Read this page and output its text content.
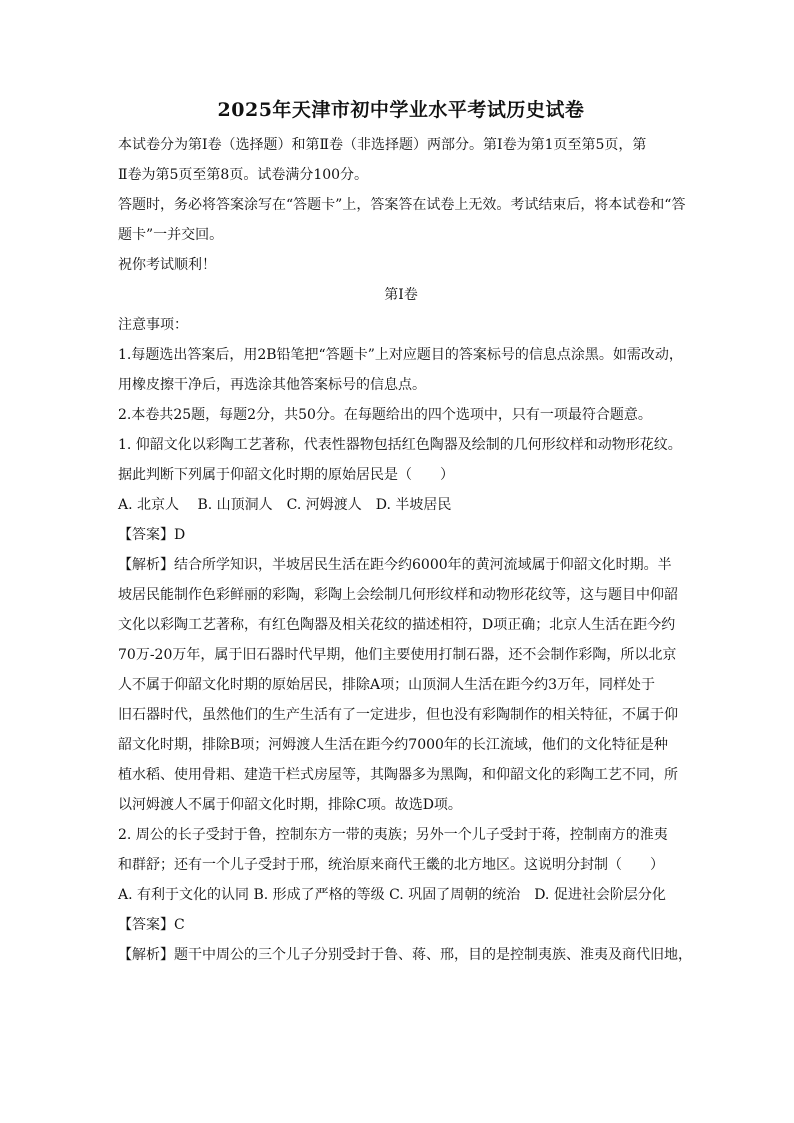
2025年天津市初中学业水平考试历史试卷

本试卷分为第Ⅰ卷（选择题）和第Ⅱ卷（非选择题）两部分。第Ⅰ卷为第1页至第5页，第

Ⅱ卷为第5页至第8页。试卷满分100分。

答题时，务必将答案涂写在“答题卡”上，答案答在试卷上无效。考试结束后，将本试卷和“答

题卡”一并交回。

祝你考试顺利！

第Ⅰ卷

注意事项：

1.每题选出答案后，用2B铅笔把“答题卡”上对应题目的答案标号的信息点涂黑。如需改动，

用橡皮擦干净后，再选涂其他答案标号的信息点。

2.本卷共25题，每题2分，共50分。在每题给出的四个选项中，只有一项最符合题意。

1. 仰韶文化以彩陶工艺著称，代表性器物包括红色陶器及绘制的几何形纹样和动物形花纹。

据此判断下列属于仰韶文化时期的原始居民是（　　）

A. 北京人　 B. 山顶洞人　C. 河姆渡人　D. 半坡居民

【答案】D

【解析】结合所学知识，半坡居民生活在距今约6000年的黄河流域属于仰韶文化时期。半

坡居民能制作色彩鲜丽的彩陶，彩陶上会绘制几何形纹样和动物形花纹等，这与题目中仰韶

文化以彩陶工艺著称，有红色陶器及相关花纹的描述相符，D项正确；北京人生活在距今约

70万-20万年，属于旧石器时代早期，他们主要使用打制石器，还不会制作彩陶，所以北京

人不属于仰韶文化时期的原始居民，排除A项；山顶洞人生活在距今约3万年，同样处于

旧石器时代，虽然他们的生产生活有了一定进步，但也没有彩陶制作的相关特征，不属于仰

韶文化时期，排除B项；河姆渡人生活在距今约7000年的长江流域，他们的文化特征是种

植水稻、使用骨耜、建造干栏式房屋等，其陶器多为黑陶，和仰韶文化的彩陶工艺不同，所

以河姆渡人不属于仰韶文化时期，排除C项。故选D项。

2. 周公的长子受封于鲁，控制东方一带的夷族；另外一个儿子受封于蒋，控制南方的淮夷

和群舒；还有一个儿子受封于邢，统治原来商代王畿的北方地区。这说明分封制（　　）

A. 有利于文化的认同 B. 形成了严格的等级 C. 巩固了周朝的统治　D. 促进社会阶层分化

【答案】C

【解析】题干中周公的三个儿子分别受封于鲁、蒋、邢，目的是控制夷族、淮夷及商代旧地，
